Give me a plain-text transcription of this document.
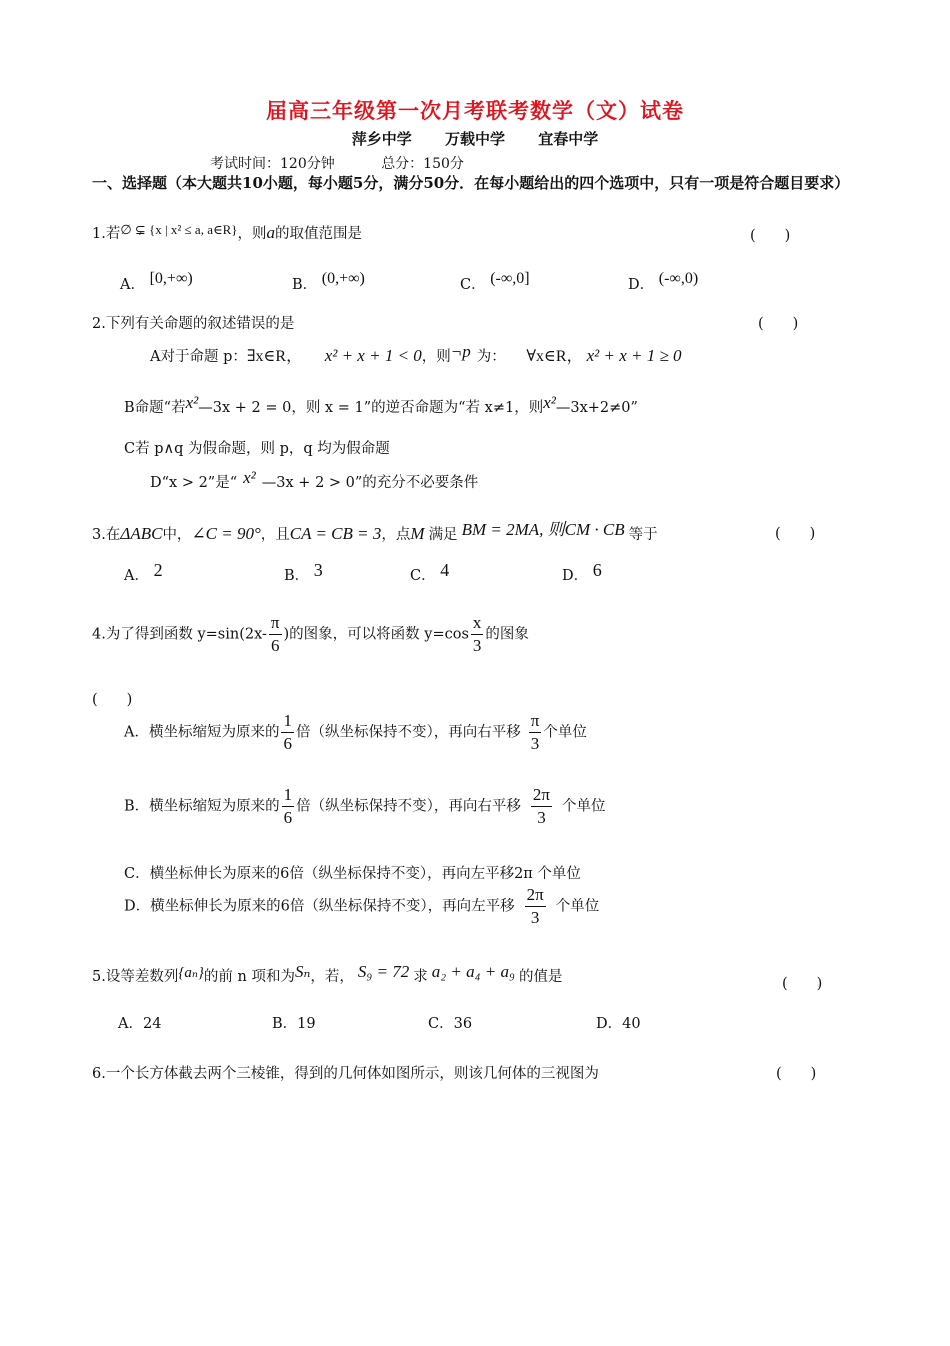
届高三年级第一次月考联考数学（文）试卷
萍乡中学 万载中学 宜春中学
考试时间：120分钟	总分：150分
一、选择题（本大题共10小题，每小题5分，满分50分．在每小题给出的四个选项中，只有一项是符合题目要求）
1.若∅ ⊊ {x | x² ≤ a, a∈R}，则a的取值范围是	(　　)
A． [0,+∞)	B． (0,+∞)	C． (-∞,0]	D． (-∞,0)
2.下列有关命题的叙述错误的是	(　　)
A对于命题 p：∃x∈R， x² + x + 1 < 0，则¬p 为： ∀x∈R， x² + x + 1 ≥ 0
B命题“若x²—3x + 2 = 0，则 x = 1”的逆否命题为“若 x≠1，则x²—3x+2≠0”
C若 p∧q 为假命题，则 p，q 均为假命题
D“x > 2”是“ x² —3x + 2 > 0”的充分不必要条件
3.在ΔABC中，∠C = 90°，且CA = CB = 3，点M 满足 BM = 2MA, 则CM · CB 等于	(　　)
A． 2	B． 3	C． 4	D． 6
4.为了得到函数 $y=\sin(2x- \frac{\pi}{6}$ )的图象，可以将函数 $y=\cos \frac{x}{3}$ 的图象
(　　)
A．横坐标缩短为原来的 $\frac{1}{6}$ 倍（纵坐标保持不变），再向右平移 $\frac{\pi}{3}$ 个单位
B．横坐标缩短为原来的 $\frac{1}{6}$ 倍（纵坐标保持不变），再向右平移 $\frac{2\pi}{3}$ 个单位
C．横坐标伸长为原来的6倍（纵坐标保持不变），再向左平移2π 个单位
D．横坐标伸长为原来的6倍（纵坐标保持不变），再向左平移 $\frac{2\pi}{3}$ 个单位
5.设等差数列{aₙ}的前 n 项和为Sₙ，若， S₉ = 72 求 a₂ + a₄ + a₉ 的值是	(　　)
A．24	B．19	C．36	D．40
6.一个长方体截去两个三棱锥，得到的几何体如图所示，则该几何体的三视图为	(　　)
